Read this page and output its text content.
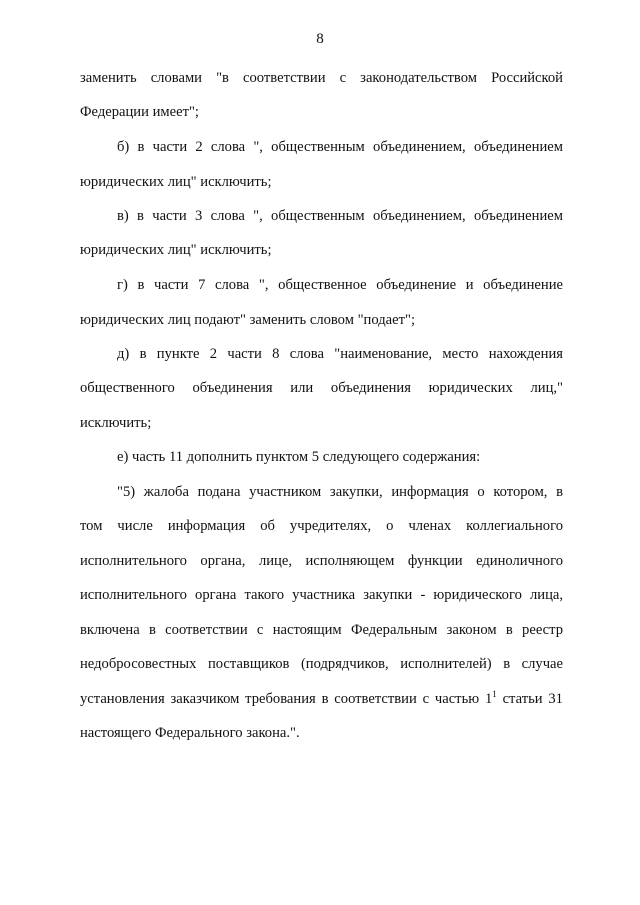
8
заменить словами "в соответствии с законодательством Российской
Федерации имеет";
б) в части 2 слова ", общественным объединением, объединением
юридических лиц" исключить;
в) в части 3 слова ", общественным объединением, объединением
юридических лиц" исключить;
г) в части 7 слова ", общественное объединение и объединение
юридических лиц подают" заменить словом "подает";
д) в пункте 2 части 8 слова "наименование, место нахождения
общественного объединения или объединения юридических лиц,"
исключить;
е) часть 11 дополнить пунктом 5 следующего содержания:
"5) жалоба подана участником закупки, информация о котором, в
том числе информация об учредителях, о членах коллегиального
исполнительного органа, лице, исполняющем функции единоличного
исполнительного органа такого участника закупки - юридического лица,
включена в соответствии с настоящим Федеральным законом в реестр
недобросовестных поставщиков (подрядчиков, исполнителей) в случае
установления заказчиком требования в соответствии с частью $1^1$ статьи 31
настоящего Федерального закона.".
